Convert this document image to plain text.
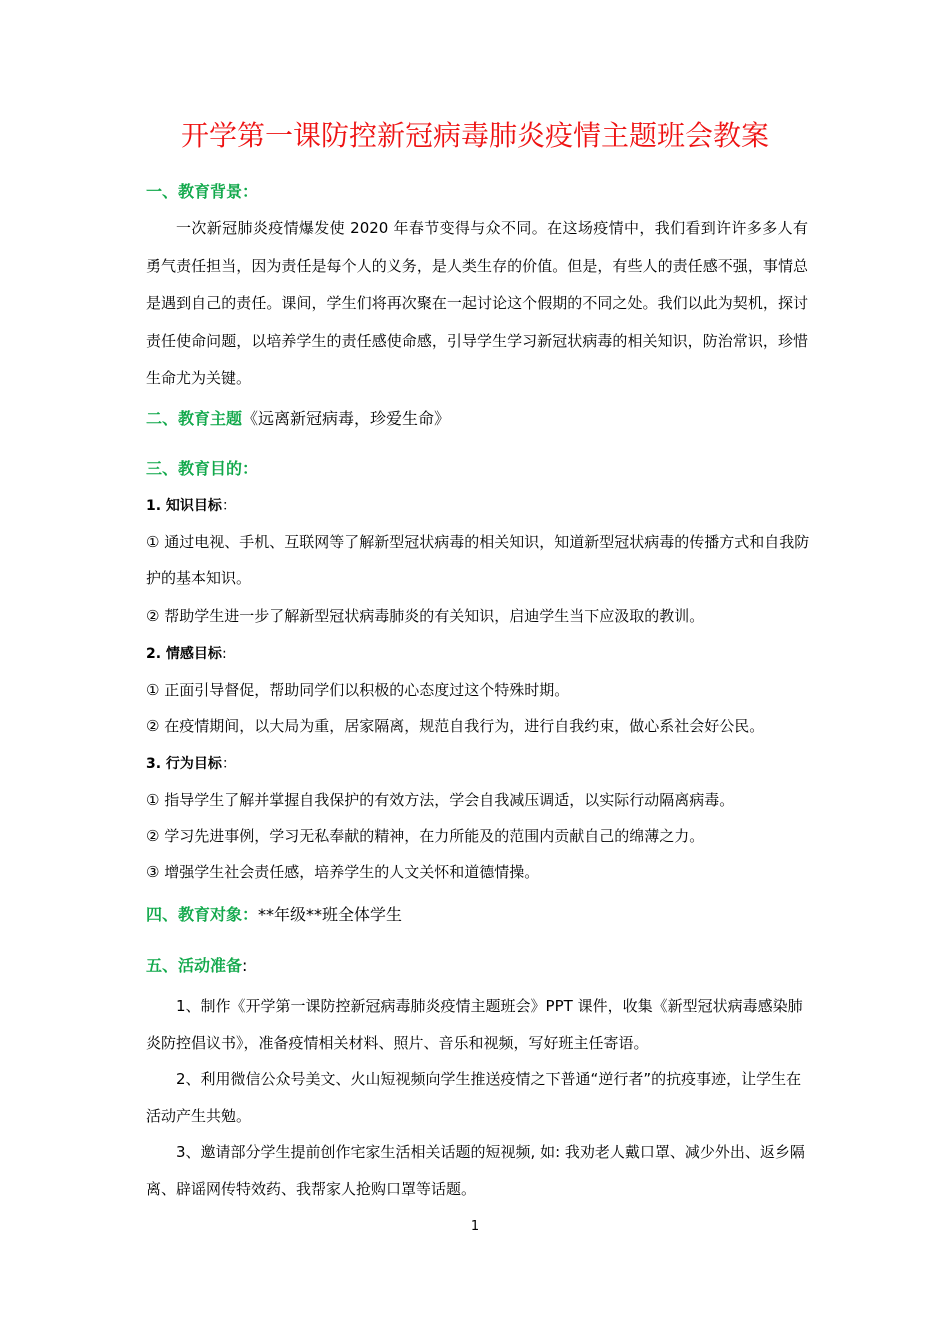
开学第一课防控新冠病毒肺炎疫情主题班会教案
一、教育背景：
一次新冠肺炎疫情爆发使 2020 年春节变得与众不同。在这场疫情中，我们看到许许多多人有勇气责任担当，因为责任是每个人的义务，是人类生存的价值。但是，有些人的责任感不强，事情总是遇到自己的责任。课间，学生们将再次聚在一起讨论这个假期的不同之处。我们以此为契机，探讨责任使命问题，以培养学生的责任感使命感，引导学生学习新冠状病毒的相关知识，防治常识，珍惜生命尤为关键。
二、教育主题《远离新冠病毒，珍爱生命》
三、教育目的：
1. 知识目标：
① 通过电视、手机、互联网等了解新型冠状病毒的相关知识，知道新型冠状病毒的传播方式和自我防护的基本知识。
② 帮助学生进一步了解新型冠状病毒肺炎的有关知识，启迪学生当下应汲取的教训。
2. 情感目标:
① 正面引导督促，帮助同学们以积极的心态度过这个特殊时期。
② 在疫情期间，以大局为重，居家隔离，规范自我行为，进行自我约束，做心系社会好公民。
3. 行为目标：
① 指导学生了解并掌握自我保护的有效方法，学会自我减压调适，以实际行动隔离病毒。
② 学习先进事例，学习无私奉献的精神，在力所能及的范围内贡献自己的绵薄之力。
③ 增强学生社会责任感，培养学生的人文关怀和道德情操。
四、教育对象：**年级**班全体学生
五、活动准备:
1、制作《开学第一课防控新冠病毒肺炎疫情主题班会》PPT 课件，收集《新型冠状病毒感染肺炎防控倡议书》，准备疫情相关材料、照片、音乐和视频，写好班主任寄语。
2、利用微信公众号美文、火山短视频向学生推送疫情之下普通“逆行者”的抗疫事迹，让学生在活动产生共勉。
3、邀请部分学生提前创作宅家生活相关话题的短视频, 如: 我劝老人戴口罩、减少外出、返乡隔离、辟谣网传特效药、我帮家人抢购口罩等话题。
1
